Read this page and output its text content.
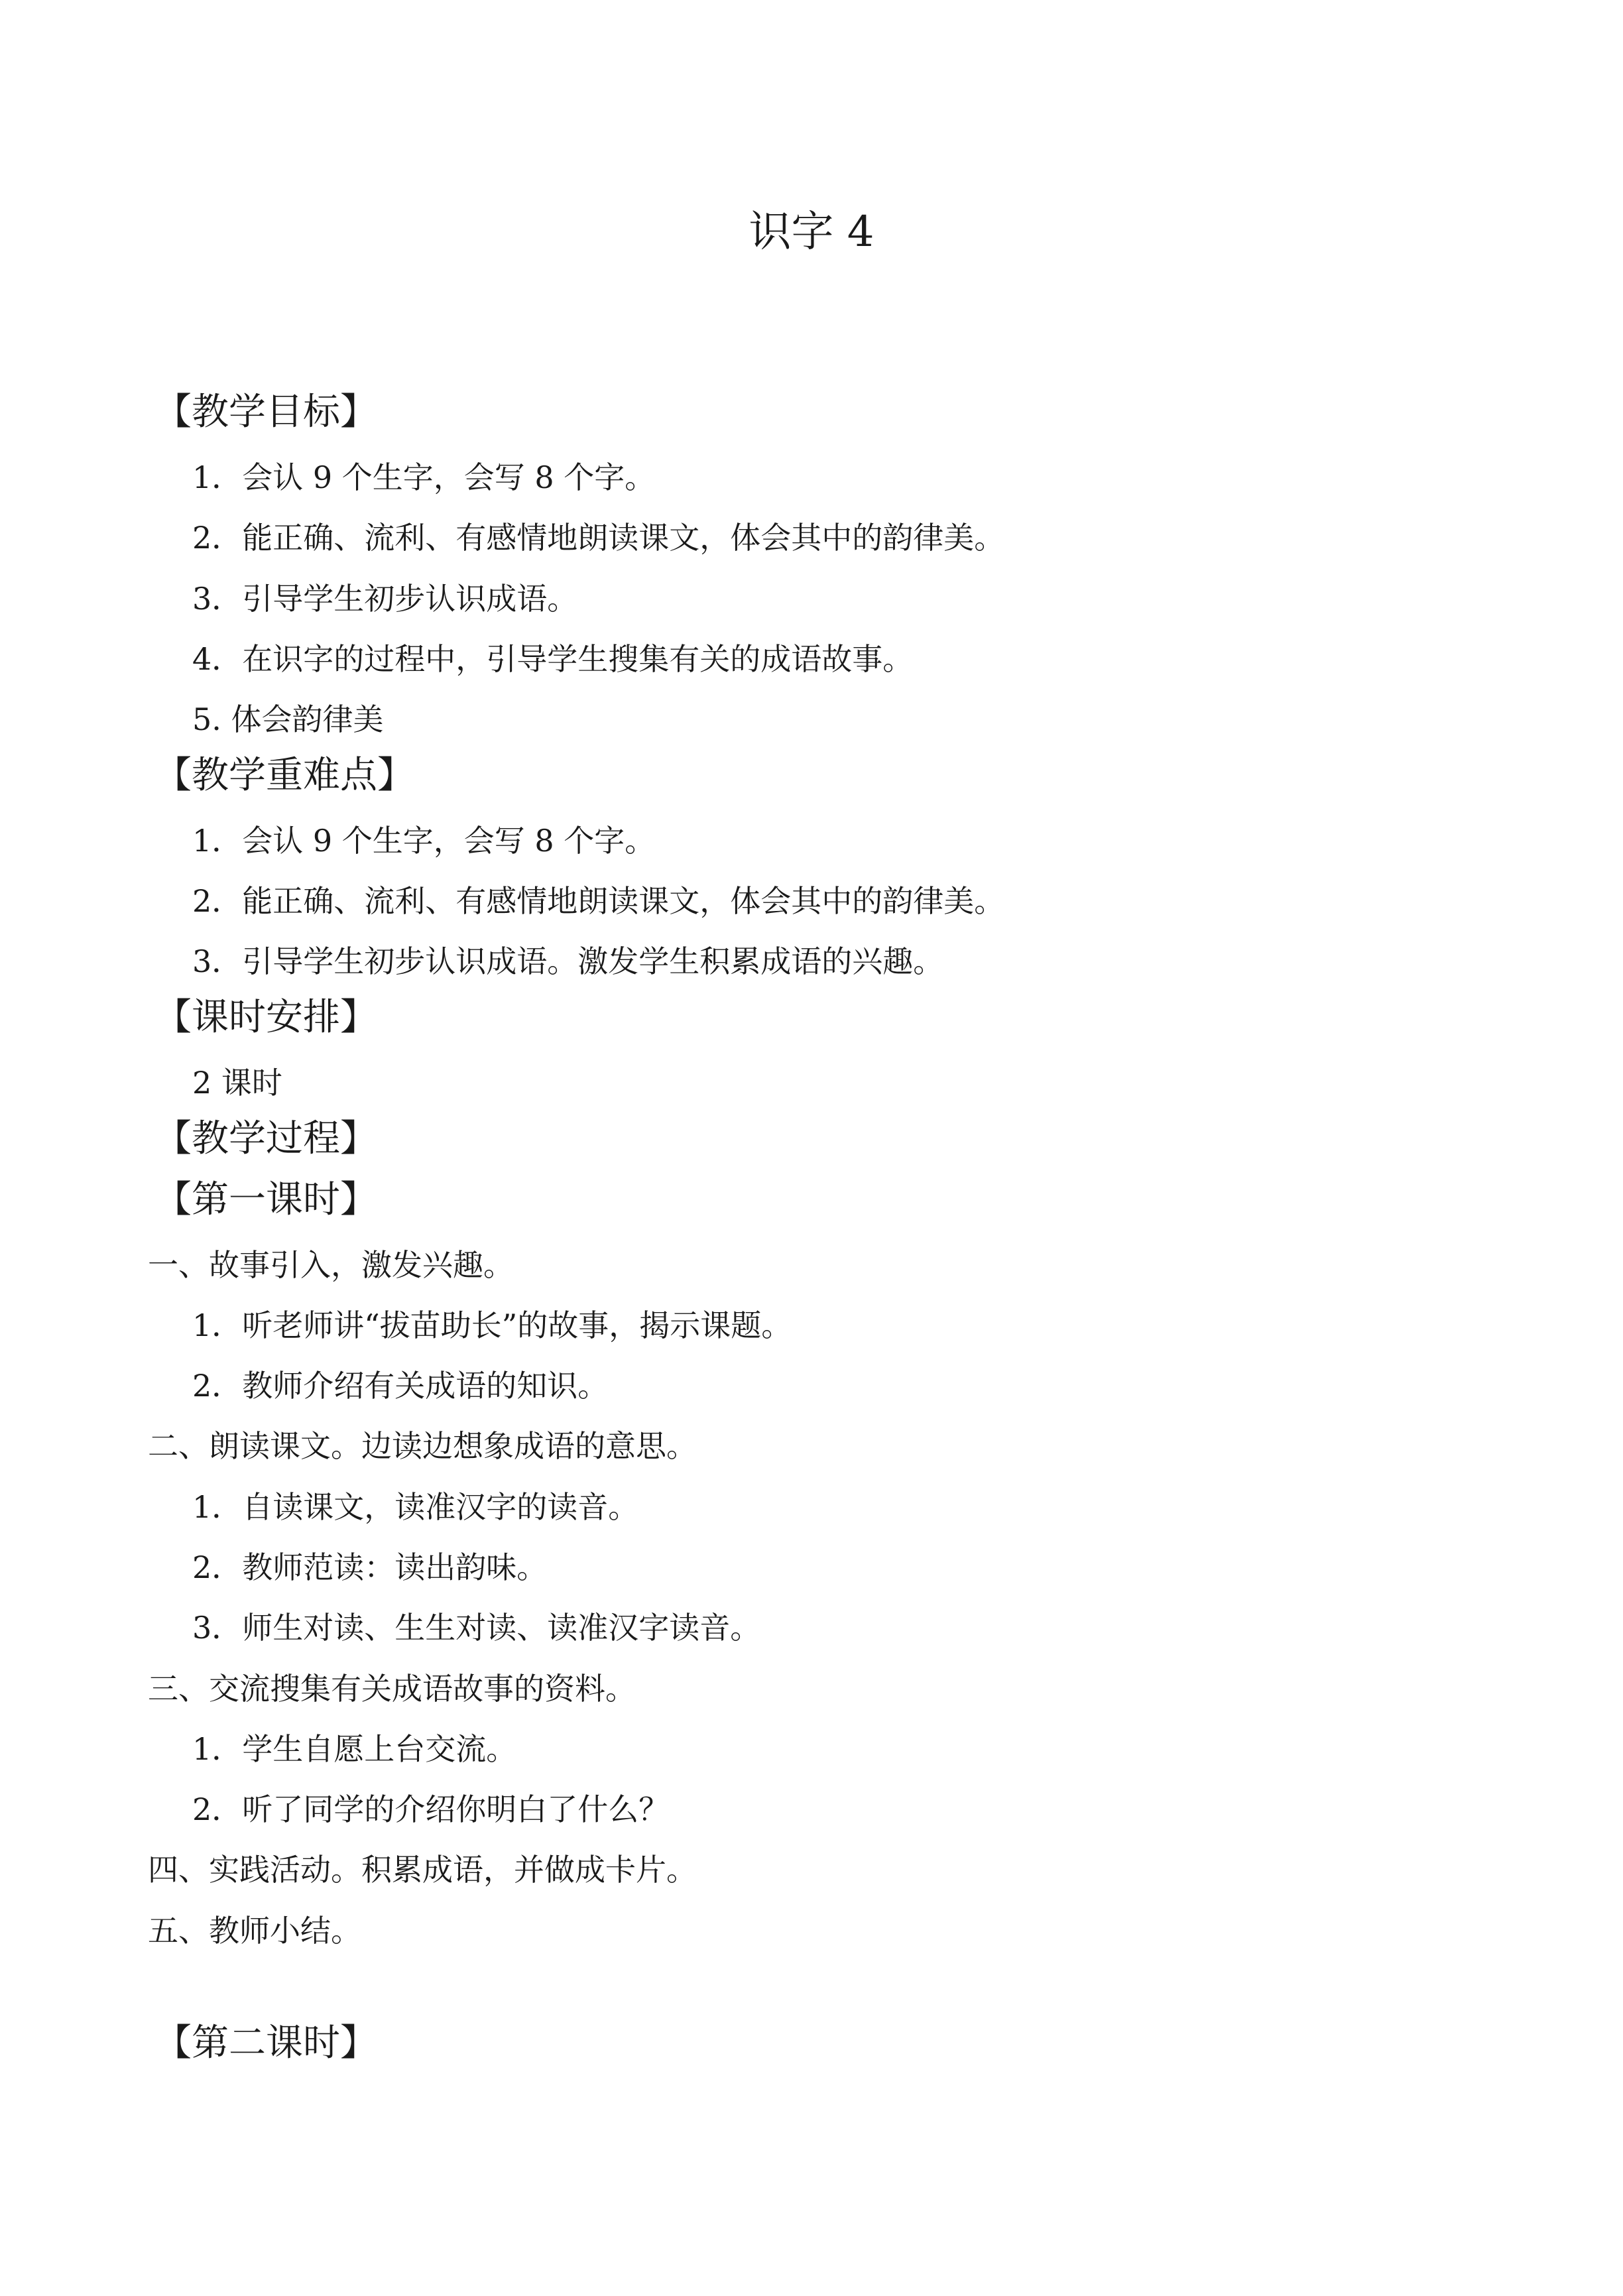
识字 4
【教学目标】
1．会认 9 个生字，会写 8 个字。
2．能正确、流利、有感情地朗读课文，体会其中的韵律美。
3．引导学生初步认识成语。
4．在识字的过程中，引导学生搜集有关的成语故事。
5. 体会韵律美
【教学重难点】
1．会认 9 个生字，会写 8 个字。
2．能正确、流利、有感情地朗读课文，体会其中的韵律美。
3．引导学生初步认识成语。激发学生积累成语的兴趣。
【课时安排】
2 课时
【教学过程】
【第一课时】
一、故事引入，激发兴趣。
1．听老师讲“拔苗助长”的故事，揭示课题。
2．教师介绍有关成语的知识。
二、朗读课文。边读边想象成语的意思。
1．自读课文，读准汉字的读音。
2．教师范读：读出韵味。
3．师生对读、生生对读、读准汉字读音。
三、交流搜集有关成语故事的资料。
1．学生自愿上台交流。
2．听了同学的介绍你明白了什么？
四、实践活动。积累成语，并做成卡片。
五、教师小结。
【第二课时】
